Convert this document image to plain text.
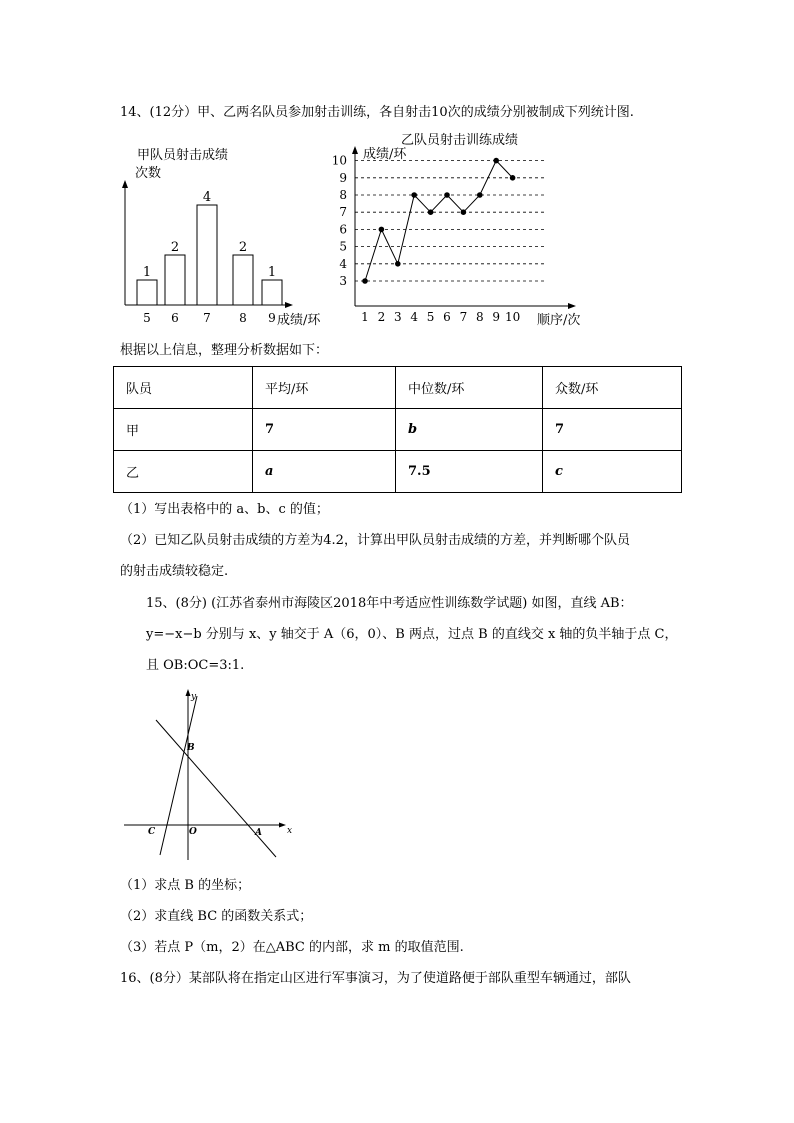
14、(12分）甲、乙两名队员参加射击训练，各自射击10次的成绩分别被制成下列统计图.
甲队员射击成绩
次数
成绩/环
1
5
2
6
4
7
2
8
1
9
乙队员射击训练成绩
成绩/环
顺序/次
3
4
5
6
7
8
9
10
1 2 3 4 5 6 7 8 9 10
根据以上信息，整理分析数据如下：
队员	平均/环	中位数/环	众数/环
甲	7	b	7
乙	a	7.5	c
（1）写出表格中的 a、b、c 的值；
（2）已知乙队员射击成绩的方差为4.2，计算出甲队员射击成绩的方差，并判断哪个队员
的射击成绩较稳定.
15、(8分) (江苏省泰州市海陵区2018年中考适应性训练数学试题) 如图，直线 AB：
y=−x−b 分别与 x、y 轴交于 A（6，0）、B 两点，过点 B 的直线交 x 轴的负半轴于点 C，
且 OB:OC=3:1.
y
x
B
C	O	A
（1）求点 B 的坐标；
（2）求直线 BC 的函数关系式；
（3）若点 P（m，2）在△ABC 的内部，求 m 的取值范围.
16、(8分）某部队将在指定山区进行军事演习，为了使道路便于部队重型车辆通过，部队
